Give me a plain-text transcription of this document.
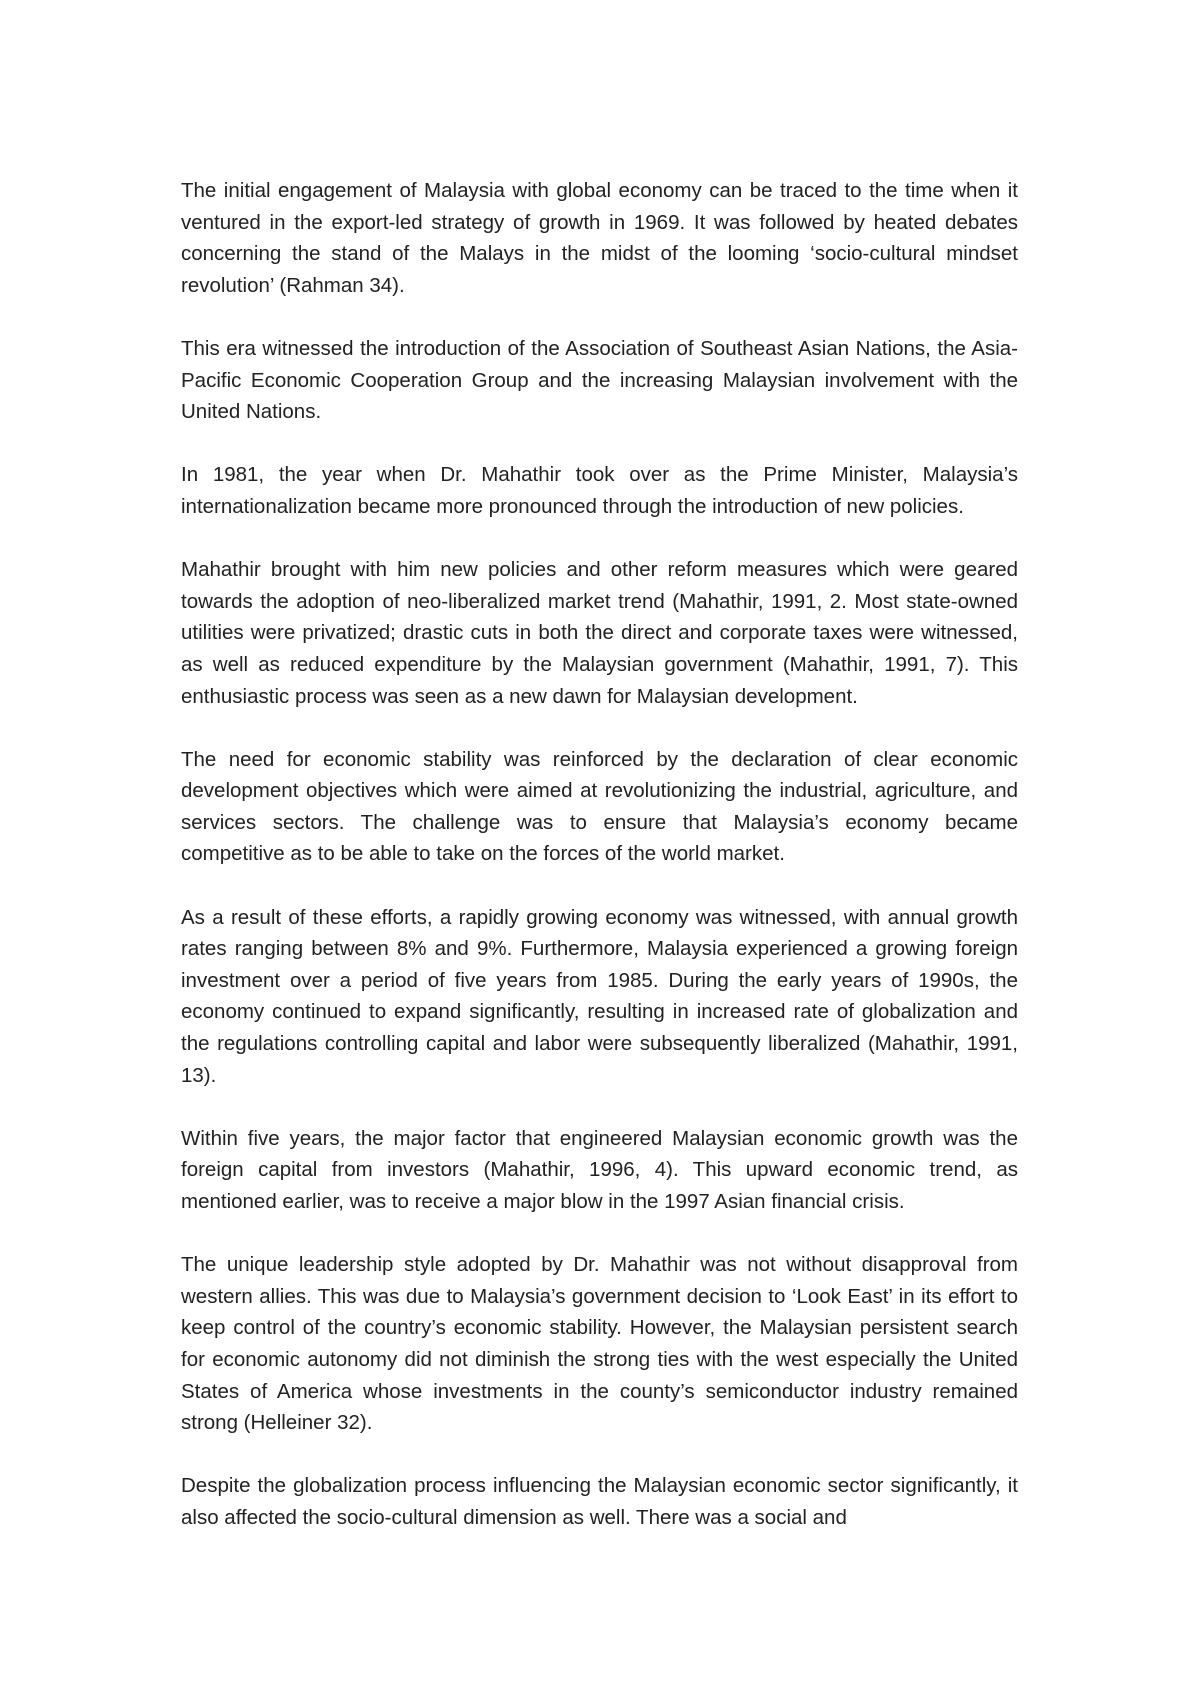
The initial engagement of Malaysia with global economy can be traced to the time when it ventured in the export-led strategy of growth in 1969. It was followed by heated debates concerning the stand of the Malays in the midst of the looming ‘socio-cultural mindset revolution’ (Rahman 34).

This era witnessed the introduction of the Association of Southeast Asian Nations, the Asia-Pacific Economic Cooperation Group and the increasing Malaysian involvement with the United Nations.

In 1981, the year when Dr. Mahathir took over as the Prime Minister, Malaysia’s internationalization became more pronounced through the introduction of new policies.

Mahathir brought with him new policies and other reform measures which were geared towards the adoption of neo-liberalized market trend (Mahathir, 1991, 2. Most state-owned utilities were privatized; drastic cuts in both the direct and corporate taxes were witnessed, as well as reduced expenditure by the Malaysian government (Mahathir, 1991, 7). This enthusiastic process was seen as a new dawn for Malaysian development.

The need for economic stability was reinforced by the declaration of clear economic development objectives which were aimed at revolutionizing the industrial, agriculture, and services sectors. The challenge was to ensure that Malaysia’s economy became competitive as to be able to take on the forces of the world market.

As a result of these efforts, a rapidly growing economy was witnessed, with annual growth rates ranging between 8% and 9%. Furthermore, Malaysia experienced a growing foreign investment over a period of five years from 1985. During the early years of 1990s, the economy continued to expand significantly, resulting in increased rate of globalization and the regulations controlling capital and labor were subsequently liberalized (Mahathir, 1991, 13).

Within five years, the major factor that engineered Malaysian economic growth was the foreign capital from investors (Mahathir, 1996, 4). This upward economic trend, as mentioned earlier, was to receive a major blow in the 1997 Asian financial crisis.

The unique leadership style adopted by Dr. Mahathir was not without disapproval from western allies. This was due to Malaysia’s government decision to ‘Look East’ in its effort to keep control of the country’s economic stability. However, the Malaysian persistent search for economic autonomy did not diminish the strong ties with the west especially the United States of America whose investments in the county’s semiconductor industry remained strong (Helleiner 32).

Despite the globalization process influencing the Malaysian economic sector significantly, it also affected the socio-cultural dimension as well. There was a social and
